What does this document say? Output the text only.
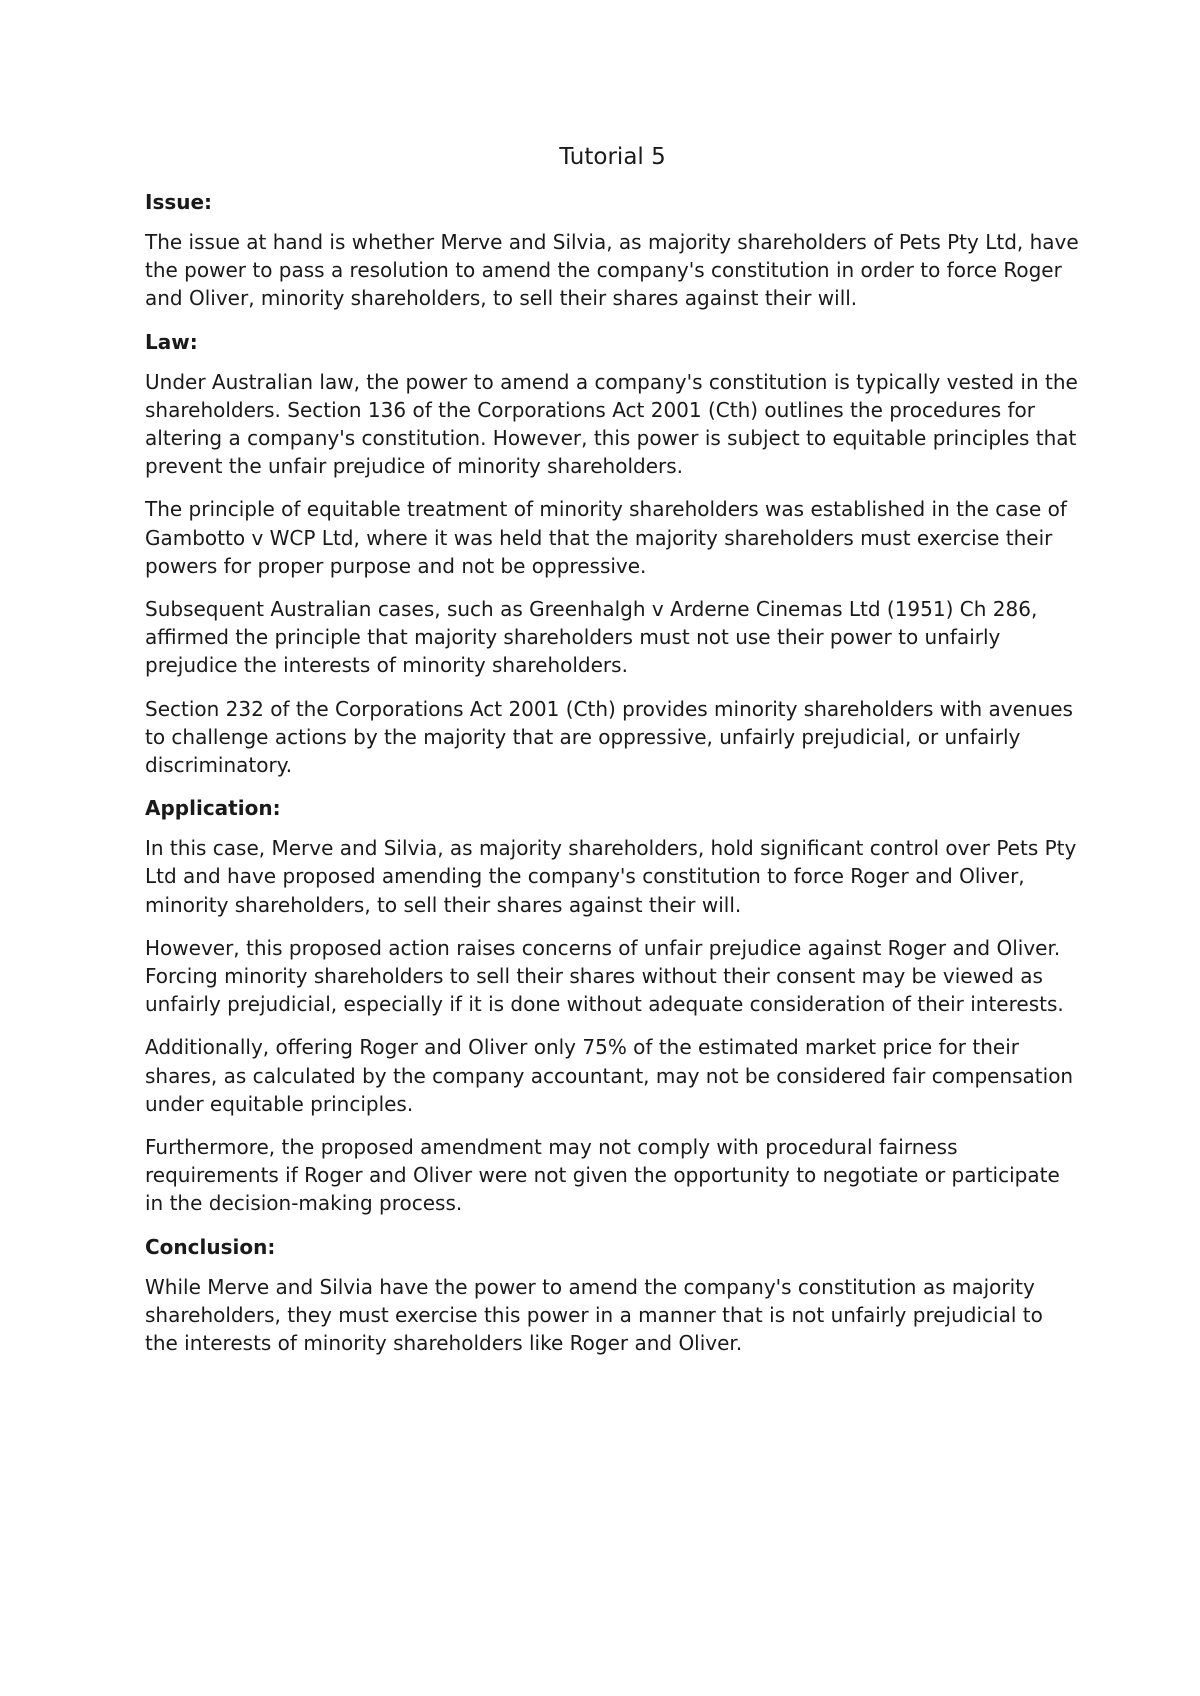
Tutorial 5
Issue:

The issue at hand is whether Merve and Silvia, as majority shareholders of Pets Pty Ltd, have the power to pass a resolution to amend the company's constitution in order to force Roger and Oliver, minority shareholders, to sell their shares against their will.

Law:

Under Australian law, the power to amend a company's constitution is typically vested in the shareholders. Section 136 of the Corporations Act 2001 (Cth) outlines the procedures for altering a company's constitution. However, this power is subject to equitable principles that prevent the unfair prejudice of minority shareholders.

The principle of equitable treatment of minority shareholders was established in the case of Gambotto v WCP Ltd, where it was held that the majority shareholders must exercise their powers for proper purpose and not be oppressive.

Subsequent Australian cases, such as Greenhalgh v Arderne Cinemas Ltd (1951) Ch 286, affirmed the principle that majority shareholders must not use their power to unfairly prejudice the interests of minority shareholders.

Section 232 of the Corporations Act 2001 (Cth) provides minority shareholders with avenues to challenge actions by the majority that are oppressive, unfairly prejudicial, or unfairly discriminatory.

Application:

In this case, Merve and Silvia, as majority shareholders, hold significant control over Pets Pty Ltd and have proposed amending the company's constitution to force Roger and Oliver, minority shareholders, to sell their shares against their will.

However, this proposed action raises concerns of unfair prejudice against Roger and Oliver. Forcing minority shareholders to sell their shares without their consent may be viewed as unfairly prejudicial, especially if it is done without adequate consideration of their interests.

Additionally, offering Roger and Oliver only 75% of the estimated market price for their shares, as calculated by the company accountant, may not be considered fair compensation under equitable principles.

Furthermore, the proposed amendment may not comply with procedural fairness requirements if Roger and Oliver were not given the opportunity to negotiate or participate in the decision-making process.

Conclusion:

While Merve and Silvia have the power to amend the company's constitution as majority shareholders, they must exercise this power in a manner that is not unfairly prejudicial to the interests of minority shareholders like Roger and Oliver.
